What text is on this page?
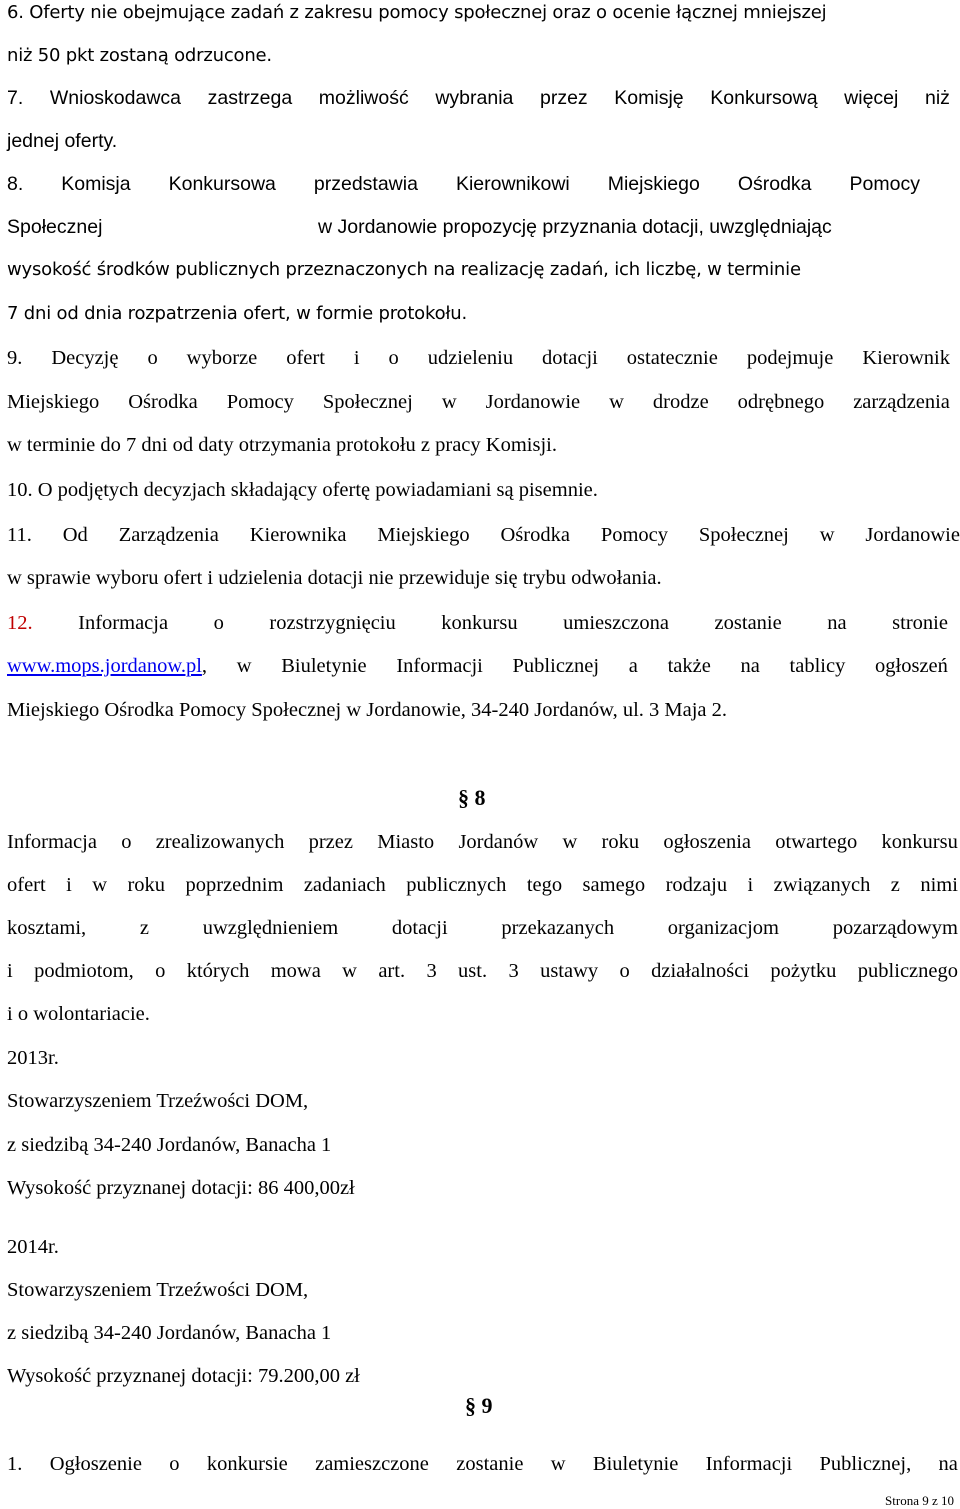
6. Oferty nie obejmujące zadań z zakresu pomocy społecznej oraz o ocenie łącznej mniejszej
niż 50 pkt zostaną odrzucone.
7. Wnioskodawca zastrzega możliwość wybrania przez Komisję Konkursową więcej niż
jednej oferty.
8. Komisja Konkursowa przedstawia Kierownikowi Miejskiego Ośrodka Pomocy
Społecznej	w Jordanowie propozycję przyznania dotacji, uwzględniając
wysokość środków publicznych przeznaczonych na realizację zadań, ich liczbę, w terminie
7 dni od dnia rozpatrzenia ofert, w formie protokołu.
9. Decyzję o wyborze ofert i o udzieleniu dotacji ostatecznie podejmuje Kierownik
Miejskiego Ośrodka Pomocy Społecznej w Jordanowie w drodze odrębnego zarządzenia
w terminie do 7 dni od daty otrzymania protokołu z pracy Komisji.
10. O podjętych decyzjach składający ofertę powiadamiani są pisemnie.
11. Od Zarządzenia Kierownika Miejskiego Ośrodka Pomocy Społecznej w Jordanowie
w sprawie wyboru ofert i udzielenia dotacji nie przewiduje się trybu odwołania.
12. Informacja o rozstrzygnięciu konkursu umieszczona zostanie na stronie
www.mops.jordanow.pl, w Biuletynie Informacji Publicznej a także na tablicy ogłoszeń
Miejskiego Ośrodka Pomocy Społecznej w Jordanowie, 34-240 Jordanów, ul. 3 Maja 2.
§ 8
Informacja o zrealizowanych przez Miasto Jordanów w roku ogłoszenia otwartego konkursu
ofert i w roku poprzednim zadaniach publicznych tego samego rodzaju i związanych z nimi
kosztami,	z	uwzględnieniem	dotacji	przekazanych	organizacjom	pozarządowym
i podmiotom, o których mowa w art. 3 ust. 3 ustawy o działalności pożytku publicznego
i o wolontariacie.
2013r.
Stowarzyszeniem Trzeźwości DOM,
z siedzibą 34-240 Jordanów, Banacha 1
Wysokość przyznanej dotacji: 86 400,00zł
2014r.
Stowarzyszeniem Trzeźwości DOM,
z siedzibą 34-240 Jordanów, Banacha 1
Wysokość przyznanej dotacji: 79.200,00 zł
§ 9
1. Ogłoszenie o konkursie zamieszczone zostanie w Biuletynie Informacji Publicznej, na
Strona 9 z 10
